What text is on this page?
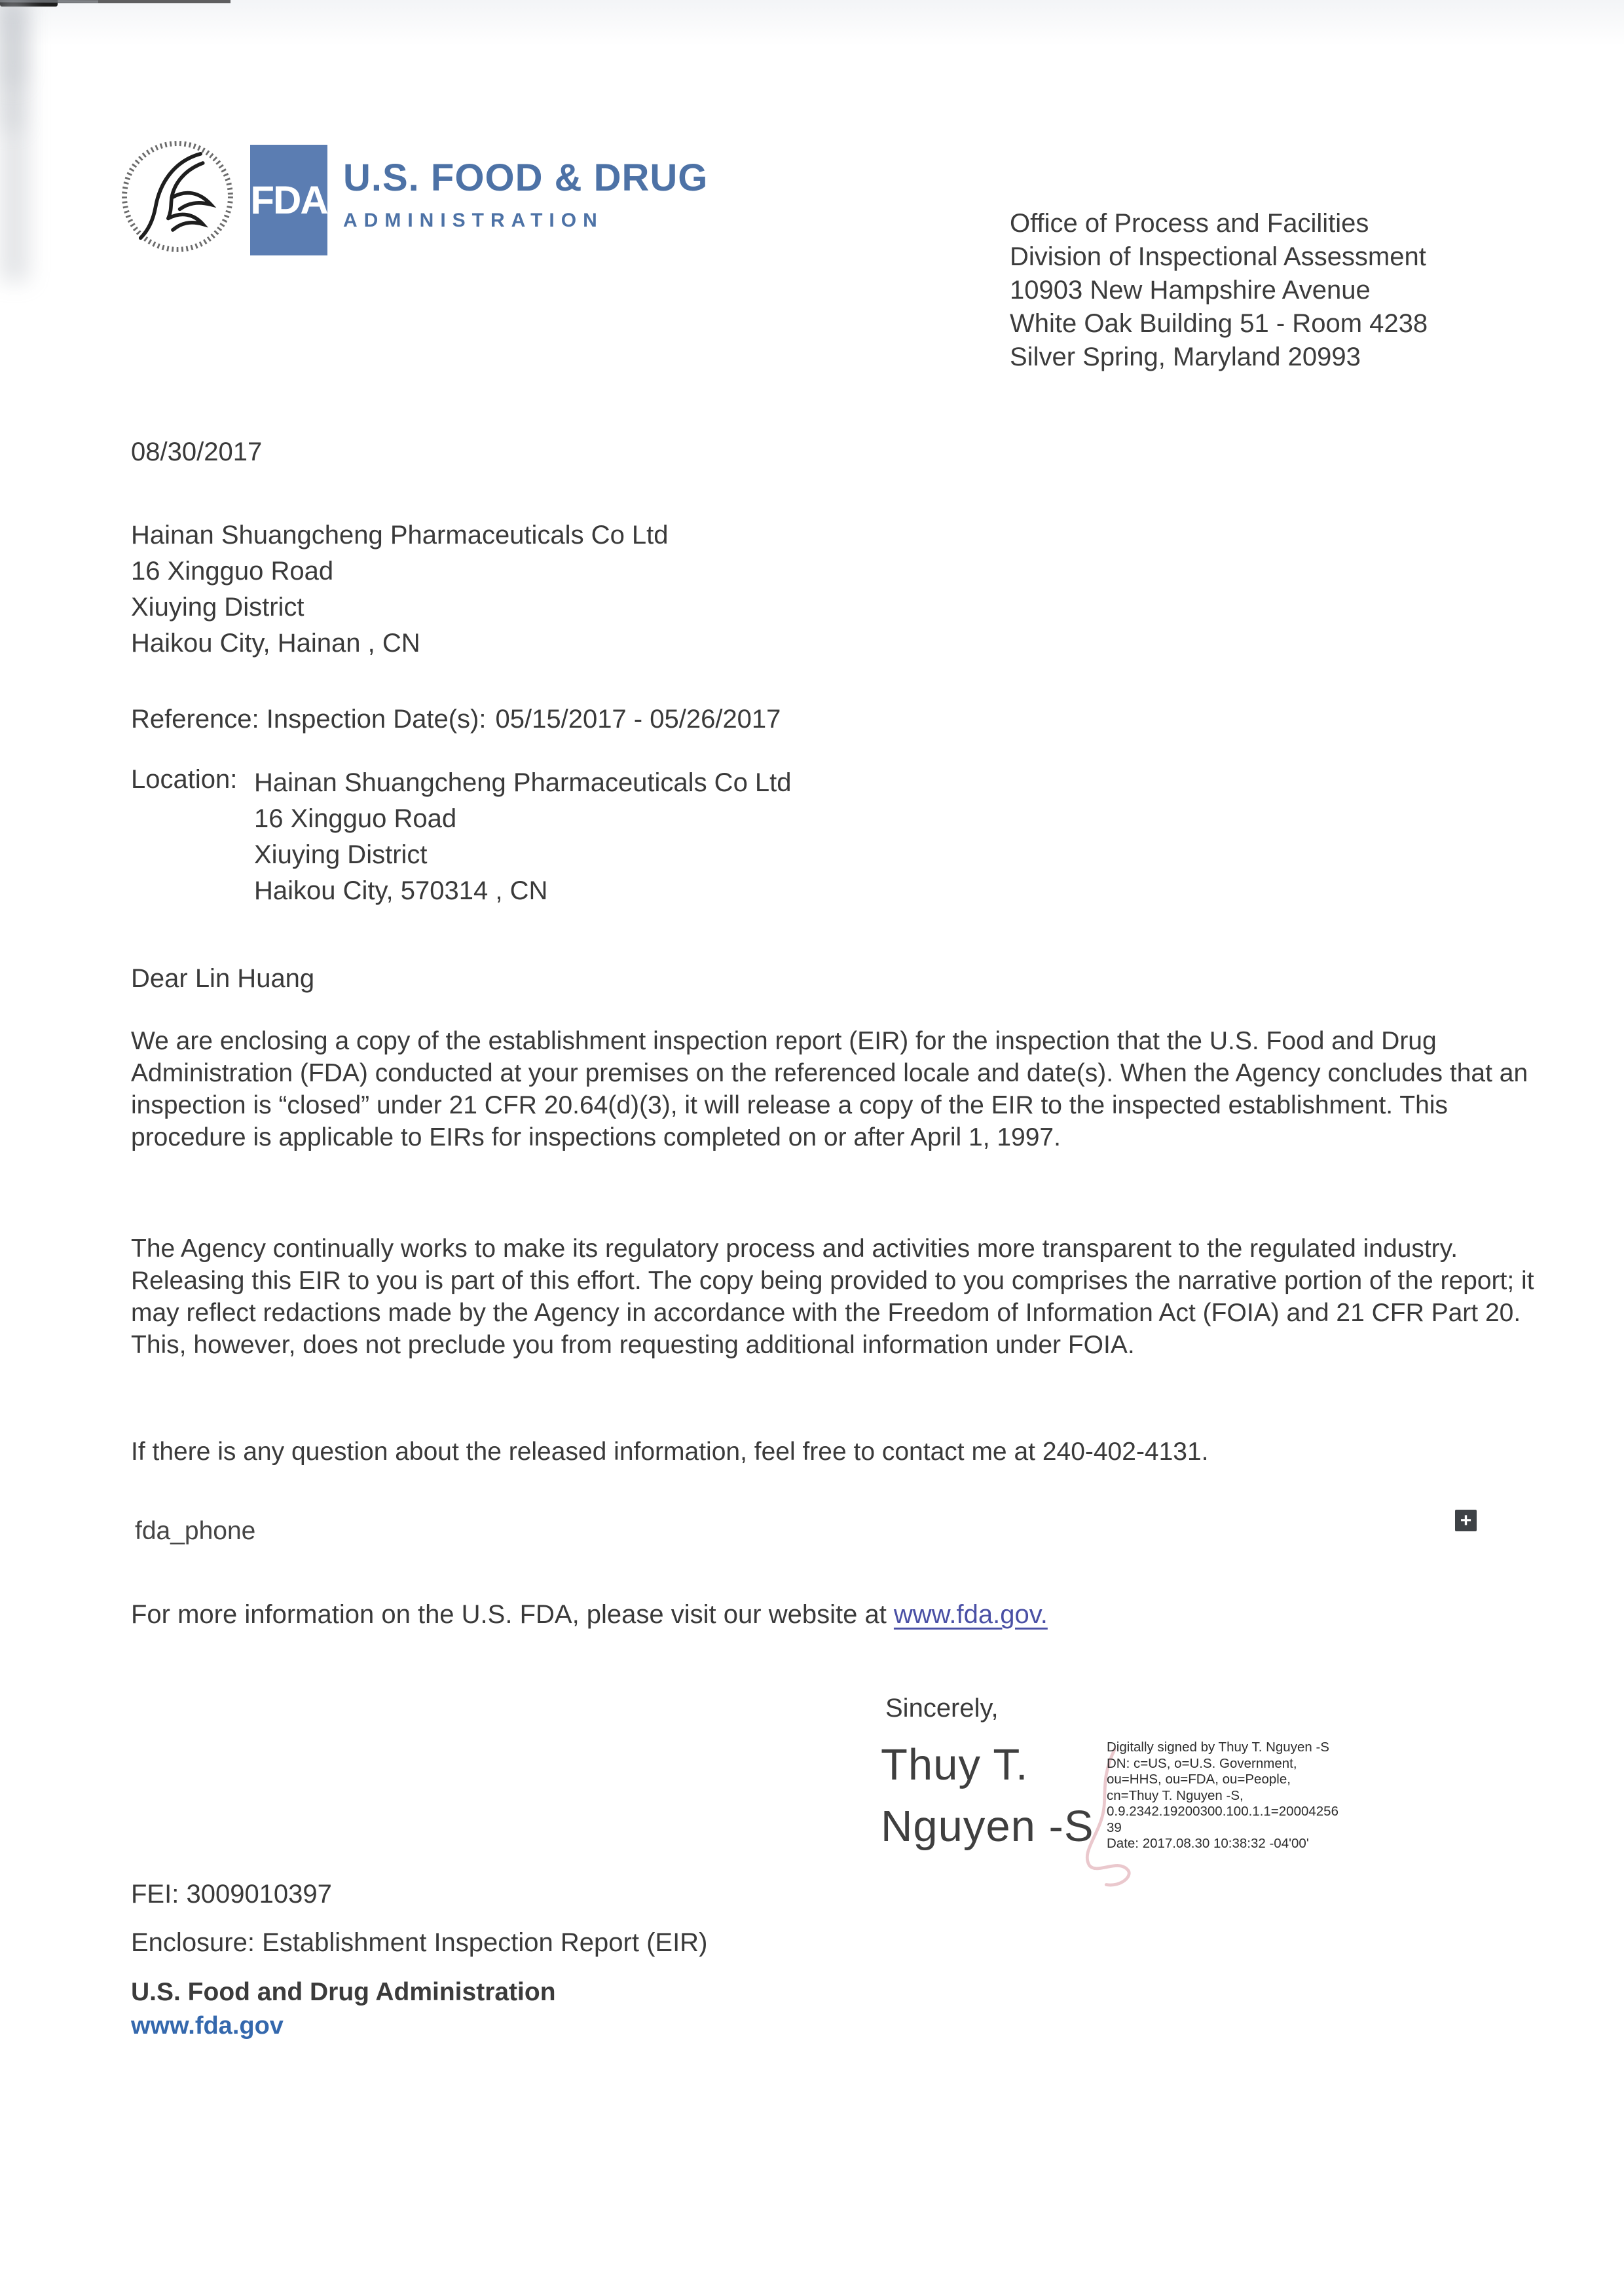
FDA
U.S. FOOD & DRUG
ADMINISTRATION	Office of Process and Facilities
Division of Inspectional Assessment
10903 New Hampshire Avenue
White Oak Building 51 - Room 4238
Silver Spring, Maryland 20993
08/30/2017
Hainan Shuangcheng Pharmaceuticals Co Ltd
16 Xingguo Road
Xiuying District
Haikou City, Hainan , CN
Reference: Inspection Date(s): 05/15/2017 - 05/26/2017
Location: Hainan Shuangcheng Pharmaceuticals Co Ltd
16 Xingguo Road
Xiuying District
Haikou City, 570314 , CN
Dear Lin Huang
We are enclosing a copy of the establishment inspection report (EIR) for the inspection that the U.S. Food and Drug Administration (FDA) conducted at your premises on the referenced locale and date(s). When the Agency concludes that an inspection is “closed” under 21 CFR 20.64(d)(3), it will release a copy of the EIR to the inspected establishment. This procedure is applicable to EIRs for inspections completed on or after April 1, 1997.
The Agency continually works to make its regulatory process and activities more transparent to the regulated industry. Releasing this EIR to you is part of this effort. The copy being provided to you comprises the narrative portion of the report; it may reflect redactions made by the Agency in accordance with the Freedom of Information Act (FOIA) and 21 CFR Part 20. This, however, does not preclude you from requesting additional information under FOIA.
If there is any question about the released information, feel free to contact me at 240-402-4131.
fda_phone	+
For more information on the U.S. FDA, please visit our website at www.fda.gov.
Sincerely,
Thuy T.
Nguyen -S
Digitally signed by Thuy T. Nguyen -S
DN: c=US, o=U.S. Government,
ou=HHS, ou=FDA, ou=People,
cn=Thuy T. Nguyen -S,
0.9.2342.19200300.100.1.1=20004256
39
Date: 2017.08.30 10:38:32 -04'00'
FEI: 3009010397
Enclosure: Establishment Inspection Report (EIR)
U.S. Food and Drug Administration
www.fda.gov
